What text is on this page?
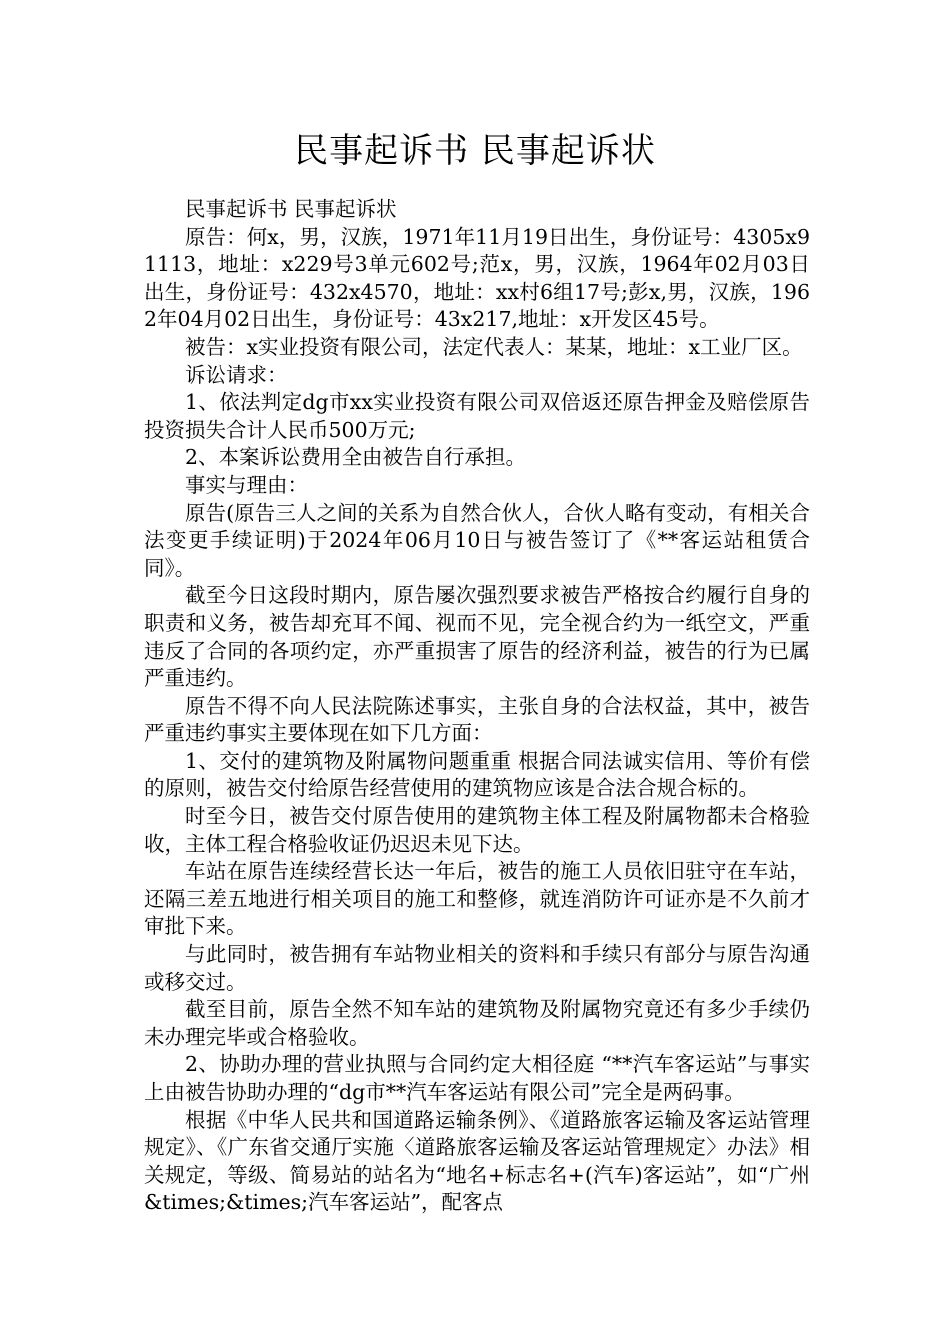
民事起诉书 民事起诉状

民事起诉书 民事起诉状

原告：何x，男，汉族，1971年11月19日出生，身份证号：4305x91113，地址：x229号3单元602号;范x，男，汉族，1964年02月03日出生，身份证号：432x4570，地址：xx村6组17号;彭x,男，汉族，1962年04月02日出生，身份证号：43x217,地址：x开发区45号。

被告：x实业投资有限公司，法定代表人：某某，地址：x工业厂区。

诉讼请求：

1、依法判定dg市xx实业投资有限公司双倍返还原告押金及赔偿原告投资损失合计人民币500万元;

2、本案诉讼费用全由被告自行承担。

事实与理由：

原告(原告三人之间的关系为自然合伙人，合伙人略有变动，有相关合法变更手续证明)于2024年06月10日与被告签订了《**客运站租赁合同》。

截至今日这段时期内，原告屡次强烈要求被告严格按合约履行自身的职责和义务，被告却充耳不闻、视而不见，完全视合约为一纸空文，严重违反了合同的各项约定，亦严重损害了原告的经济利益，被告的行为已属严重违约。

原告不得不向人民法院陈述事实，主张自身的合法权益，其中，被告严重违约事实主要体现在如下几方面：

1、交付的建筑物及附属物问题重重 根据合同法诚实信用、等价有偿的原则，被告交付给原告经营使用的建筑物应该是合法合规合标的。

时至今日，被告交付原告使用的建筑物主体工程及附属物都未合格验收，主体工程合格验收证仍迟迟未见下达。

车站在原告连续经营长达一年后，被告的施工人员依旧驻守在车站，还隔三差五地进行相关项目的施工和整修，就连消防许可证亦是不久前才审批下来。

与此同时，被告拥有车站物业相关的资料和手续只有部分与原告沟通或移交过。

截至目前，原告全然不知车站的建筑物及附属物究竟还有多少手续仍未办理完毕或合格验收。

2、协助办理的营业执照与合同约定大相径庭 “**汽车客运站”与事实上由被告协助办理的“dg市**汽车客运站有限公司”完全是两码事。

根据《中华人民共和国道路运输条例》、《道路旅客运输及客运站管理规定》、《广东省交通厅实施〈道路旅客运输及客运站管理规定〉办法》相关规定，等级、简易站的站名为“地名+标志名+(汽车)客运站”，如“广州&times;&times;汽车客运站”，配客点
